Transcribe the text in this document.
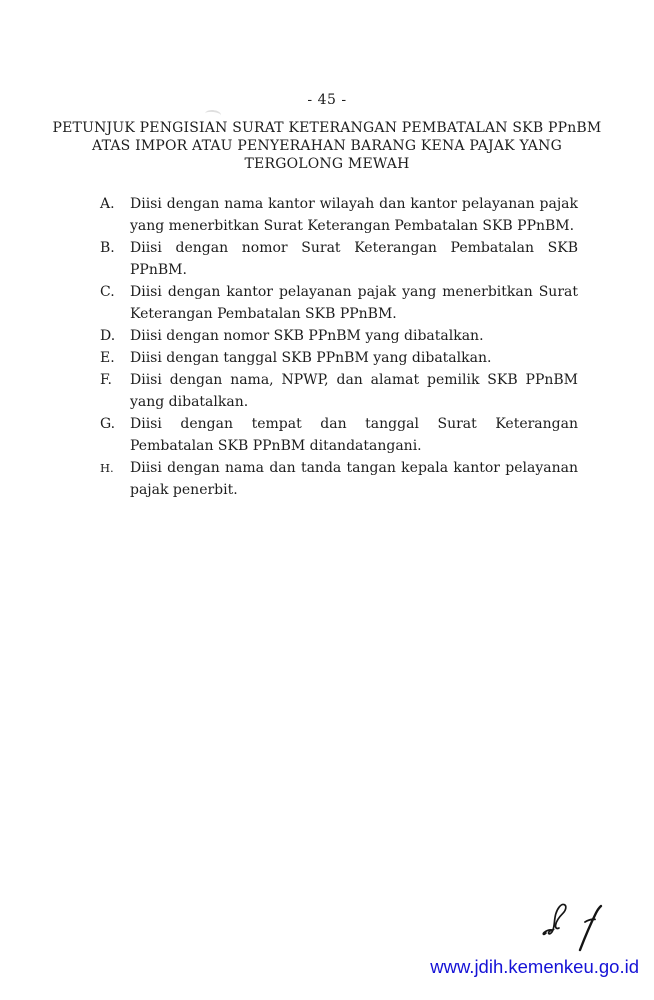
- 45 -
PETUNJUK PENGISIAN SURAT KETERANGAN PEMBATALAN SKB PPnBM
ATAS IMPOR ATAU PENYERAHAN BARANG KENA PAJAK YANG
TERGOLONG MEWAH
A.	Diisi dengan nama kantor wilayah dan kantor pelayanan pajak yang menerbitkan Surat Keterangan Pembatalan SKB PPnBM.
B.	Diisi dengan nomor Surat Keterangan Pembatalan SKB PPnBM.
C.	Diisi dengan kantor pelayanan pajak yang menerbitkan Surat Keterangan Pembatalan SKB PPnBM.
D.	Diisi dengan nomor SKB PPnBM yang dibatalkan.
E.	Diisi dengan tanggal SKB PPnBM yang dibatalkan.
F.	Diisi dengan nama, NPWP, dan alamat pemilik SKB PPnBM yang dibatalkan.
G.	Diisi dengan tempat dan tanggal Surat Keterangan Pembatalan SKB PPnBM ditandatangani.
H.	Diisi dengan nama dan tanda tangan kepala kantor pelayanan pajak penerbit.
www.jdih.kemenkeu.go.id
